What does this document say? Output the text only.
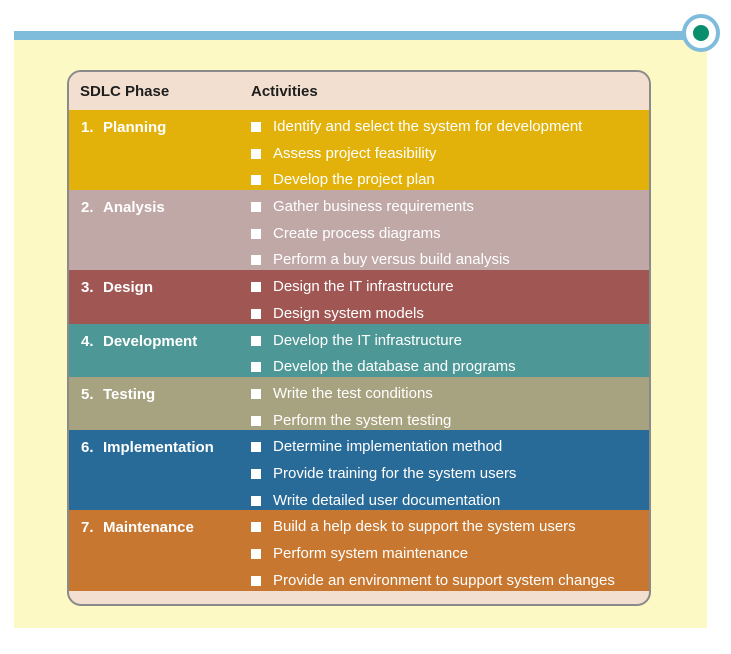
SDLC Phase	Activities
1. Planning	Identify and select the system for development
Assess project feasibility
Develop the project plan
2. Analysis	Gather business requirements
Create process diagrams
Perform a buy versus build analysis
3. Design	Design the IT infrastructure
Design system models
4. Development	Develop the IT infrastructure
Develop the database and programs
5. Testing	Write the test conditions
Perform the system testing
6. Implementation	Determine implementation method
Provide training for the system users
Write detailed user documentation
7. Maintenance	Build a help desk to support the system users
Perform system maintenance
Provide an environment to support system changes
